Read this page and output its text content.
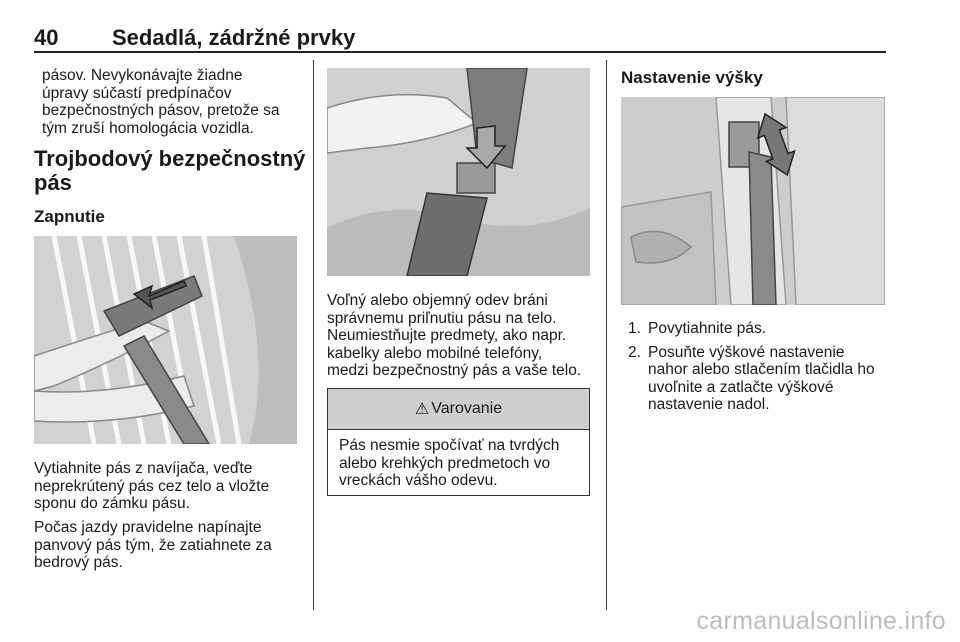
40 Sedadlá, zádržné prvky

pásov. Nevykonávajte žiadne
úpravy súčastí predpínačov
bezpečnostných pásov, pretože sa
tým zruší homologácia vozidla.

Trojbodový bezpečnostný
pás
Zapnutie

Vytiahnite pás z navíjača, veďte
neprekrútený pás cez telo a vložte
sponu do zámku pásu.

Počas jazdy pravidelne napínajte
panvový pás tým, že zatiahnete za
bedrový pás.

Voľný alebo objemný odev bráni
správnemu priľnutiu pásu na telo.
Neumiestňujte predmety, ako napr.
kabelky alebo mobilné telefóny,
medzi bezpečnostný pás a vaše telo.

⚠ Varovanie
Pás nesmie spočívať na tvrdých
alebo krehkých predmetoch vo
vreckách vášho odevu.
Nastavenie výšky
1. Povytiahnite pás.
2. Posuňte výškové nastavenie
nahor alebo stlačením tlačidla ho
uvoľnite a zatlačte výškové
nastavenie nadol.
carmanualsonline.info
